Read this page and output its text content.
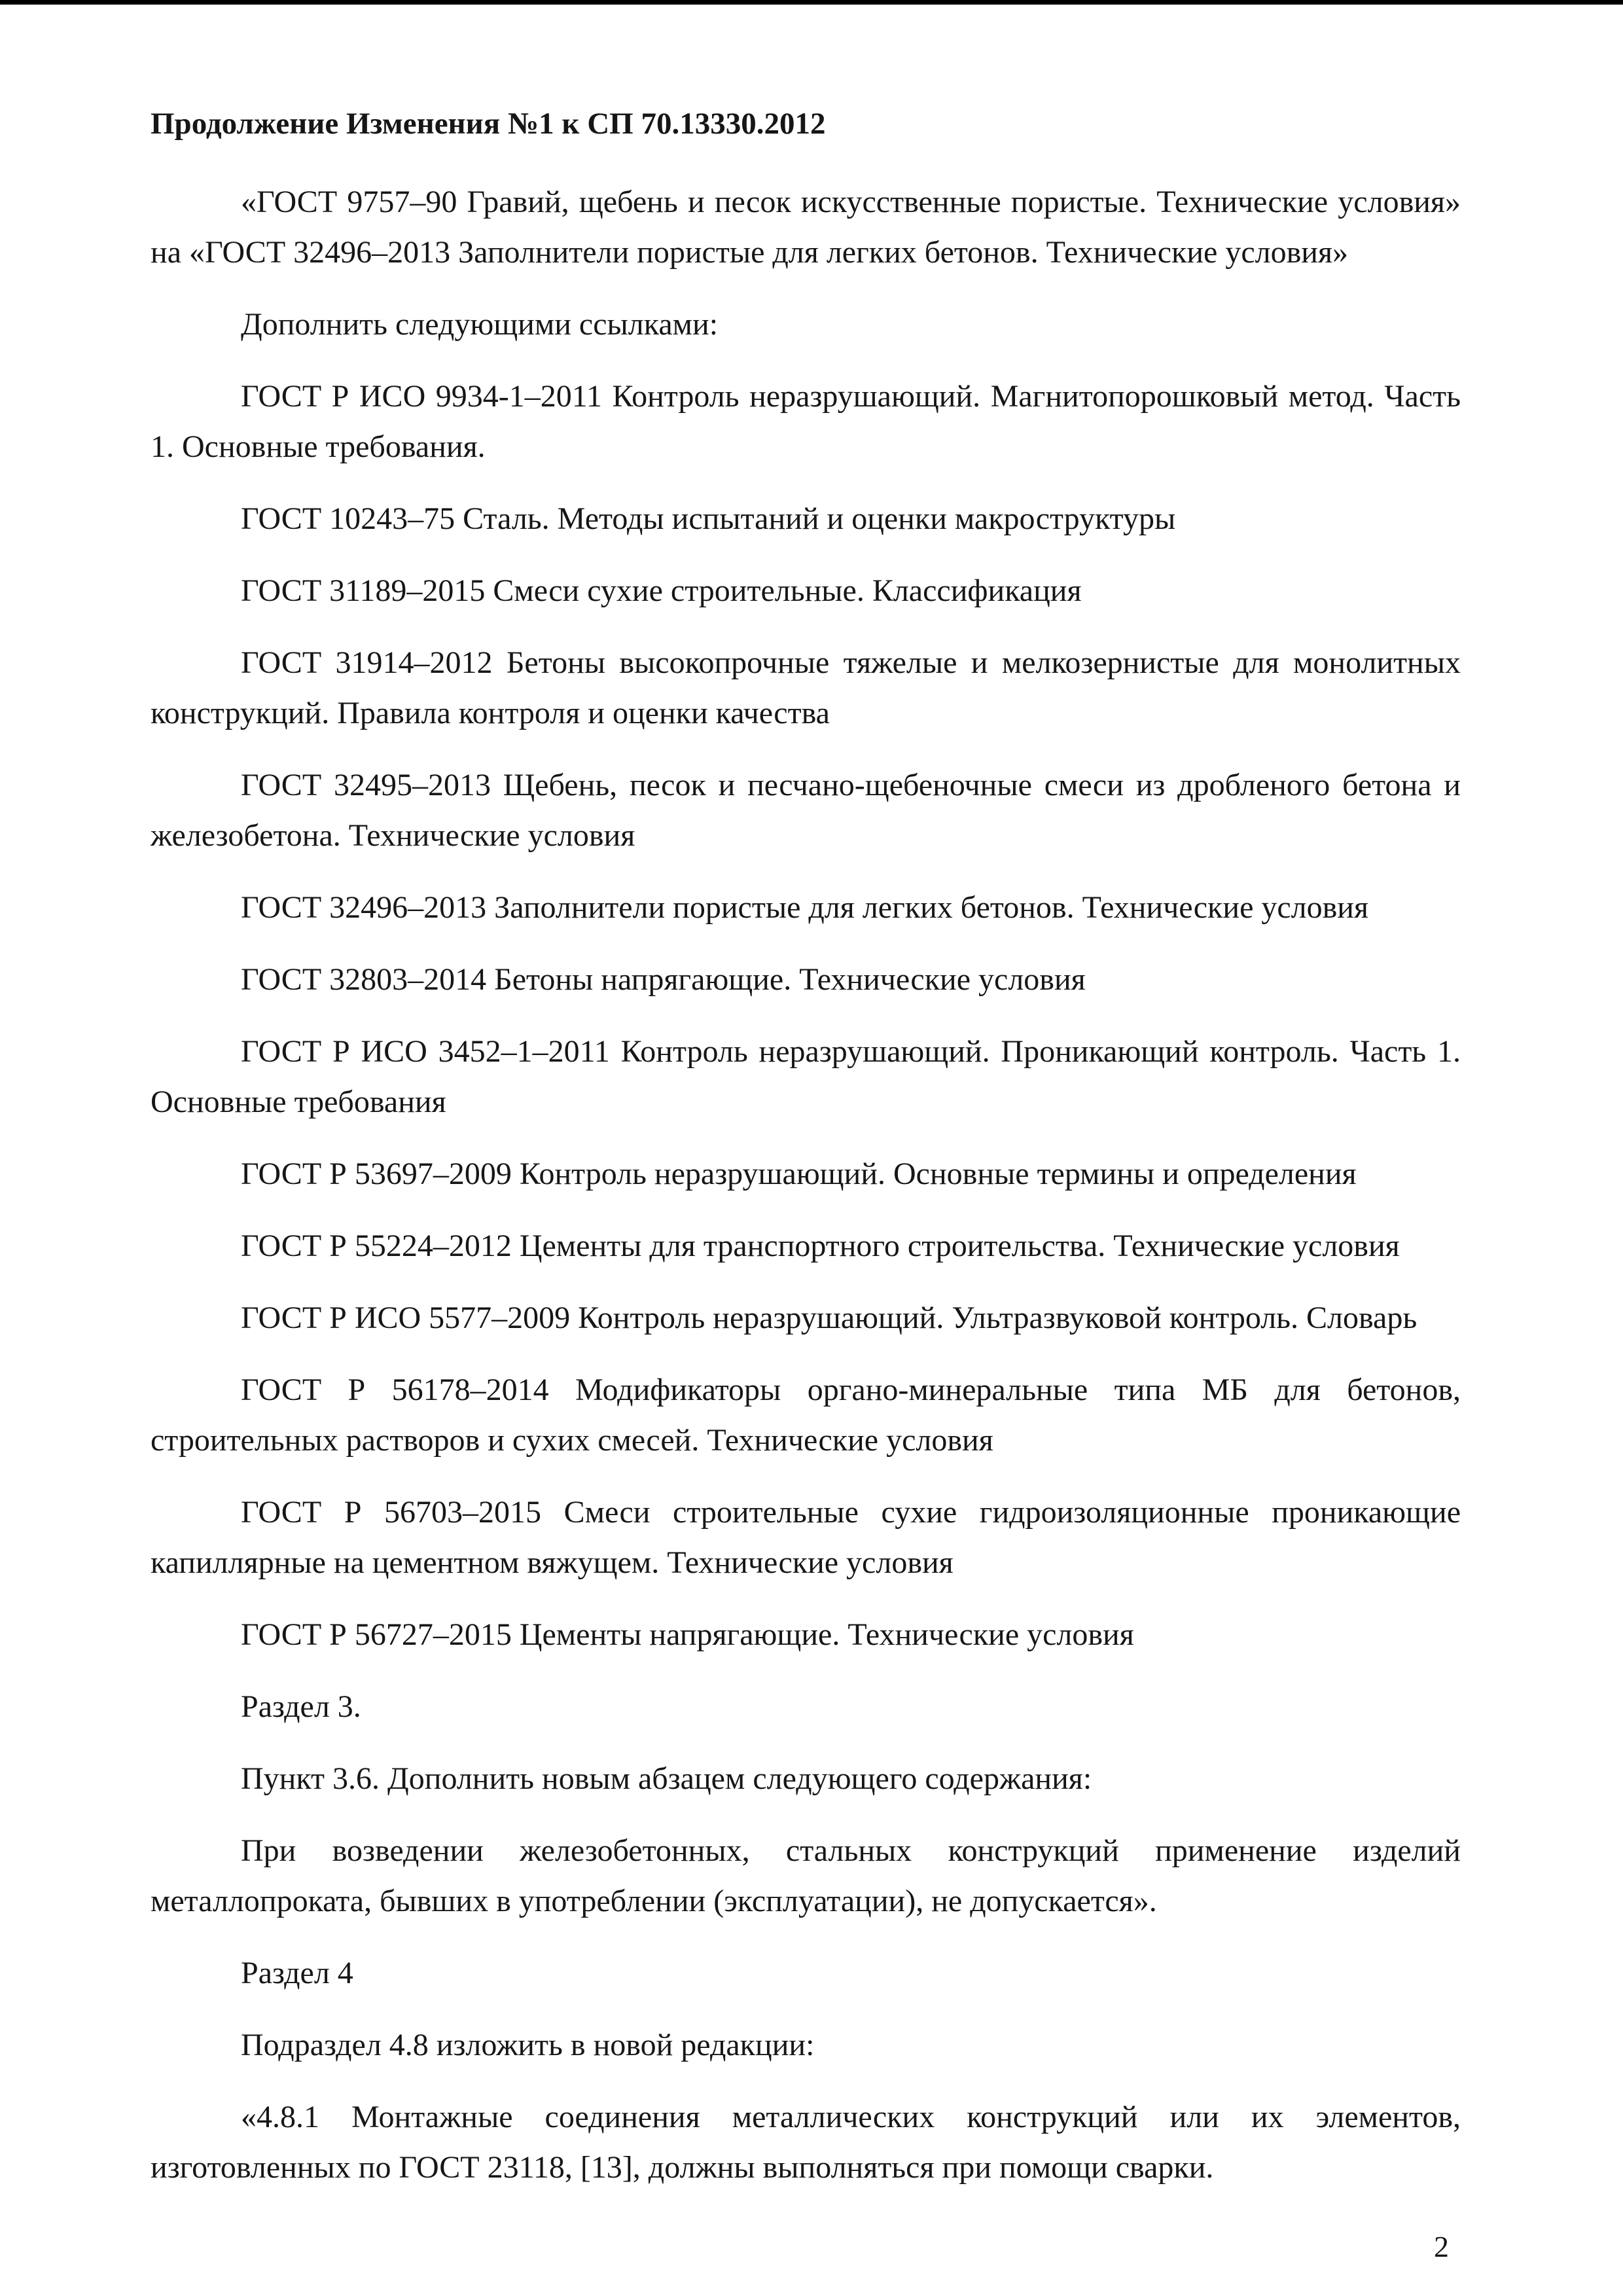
Продолжение Изменения №1 к СП 70.13330.2012

«ГОСТ 9757–90 Гравий, щебень и песок искусственные пористые. Технические условия» на «ГОСТ 32496–2013 Заполнители пористые для легких бетонов. Технические условия»

Дополнить следующими ссылками:

ГОСТ Р ИСО 9934-1–2011 Контроль неразрушающий. Магнитопорошковый метод. Часть 1. Основные требования.

ГОСТ 10243–75 Сталь. Методы испытаний и оценки макроструктуры

ГОСТ 31189–2015 Смеси сухие строительные. Классификация

ГОСТ 31914–2012 Бетоны высокопрочные тяжелые и мелкозернистые для монолитных конструкций. Правила контроля и оценки качества

ГОСТ 32495–2013 Щебень, песок и песчано-щебеночные смеси из дробленого бетона и железобетона. Технические условия

ГОСТ 32496–2013 Заполнители пористые для легких бетонов. Технические условия

ГОСТ 32803–2014 Бетоны напрягающие. Технические условия

ГОСТ Р ИСО 3452–1–2011 Контроль неразрушающий. Проникающий контроль. Часть 1. Основные требования

ГОСТ Р 53697–2009 Контроль неразрушающий. Основные термины и определения

ГОСТ Р 55224–2012 Цементы для транспортного строительства. Технические условия

ГОСТ Р ИСО 5577–2009 Контроль неразрушающий. Ультразвуковой контроль. Словарь

ГОСТ Р 56178–2014 Модификаторы органо-минеральные типа МБ для бетонов, строительных растворов и сухих смесей. Технические условия

ГОСТ Р 56703–2015 Смеси строительные сухие гидроизоляционные проникающие капиллярные на цементном вяжущем. Технические условия

ГОСТ Р 56727–2015 Цементы напрягающие. Технические условия

Раздел 3.

Пункт 3.6. Дополнить новым абзацем следующего содержания:

При возведении железобетонных, стальных конструкций применение изделий металлопроката, бывших в употреблении (эксплуатации), не допускается».

Раздел 4

Подраздел 4.8 изложить в новой редакции:

«4.8.1 Монтажные соединения металлических конструкций или их элементов, изготовленных по ГОСТ 23118, [13], должны выполняться при помощи сварки.

2
